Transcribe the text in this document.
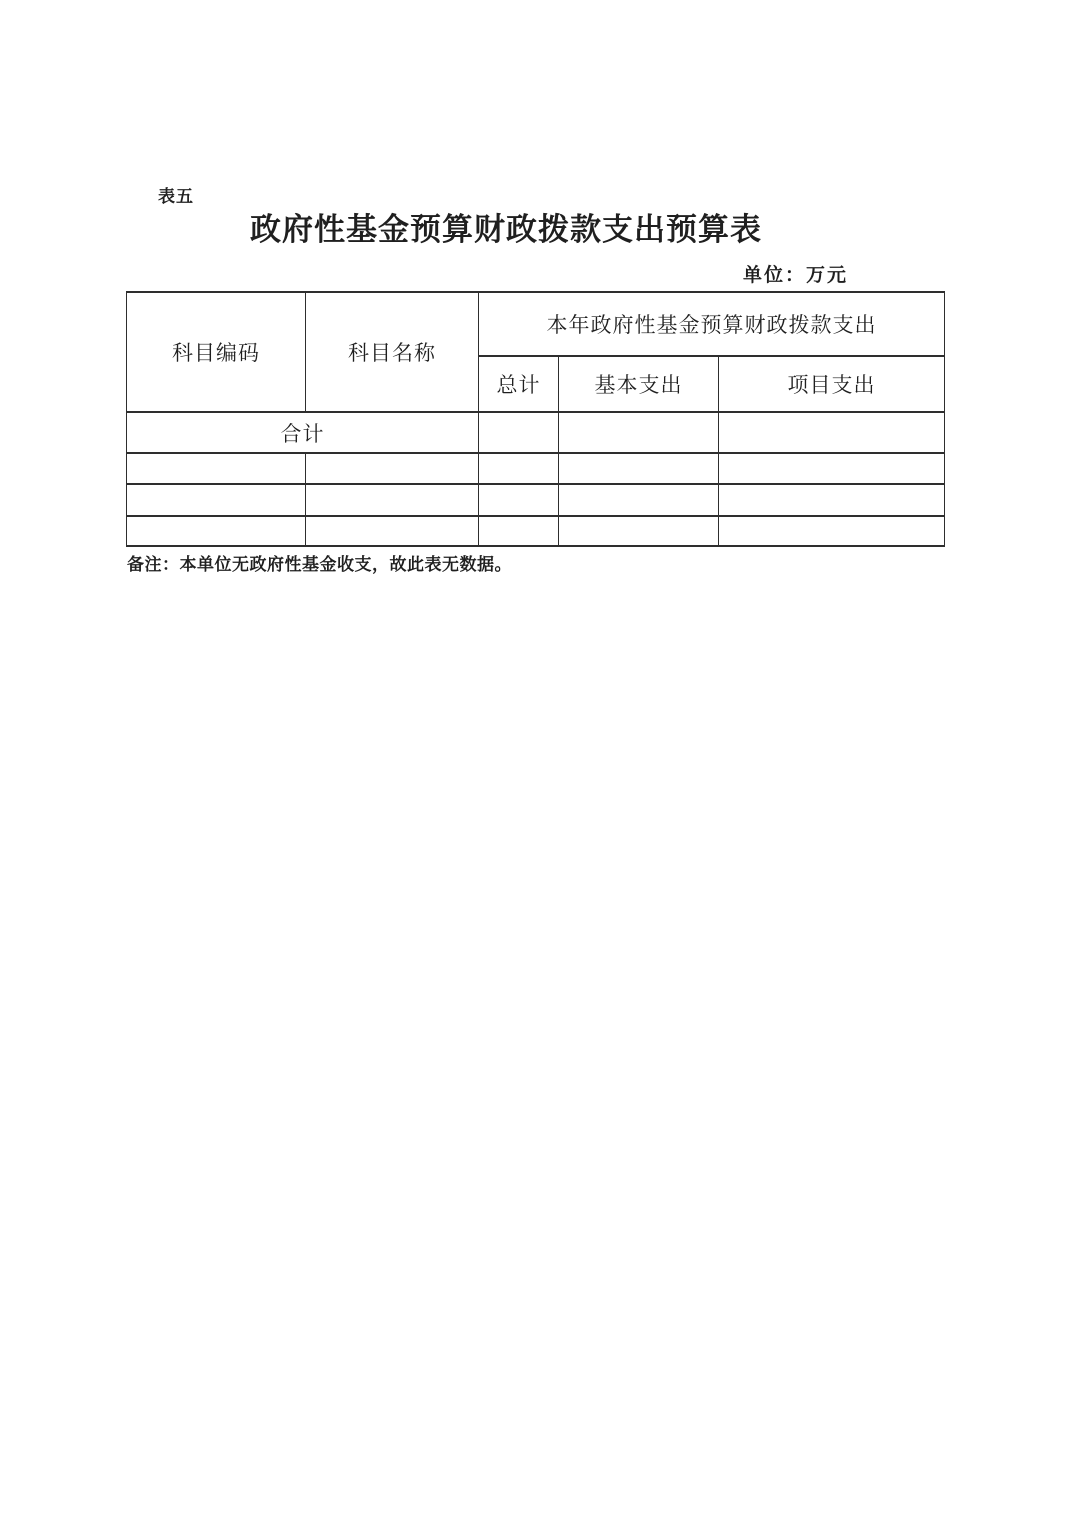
表五
政府性基金预算财政拨款支出预算表
单位：万元
科目编码	科目名称	本年政府性基金预算财政拨款支出		
		总计	基本支出	项目支出
合计				

备注：本单位无政府性基金收支，故此表无数据。
